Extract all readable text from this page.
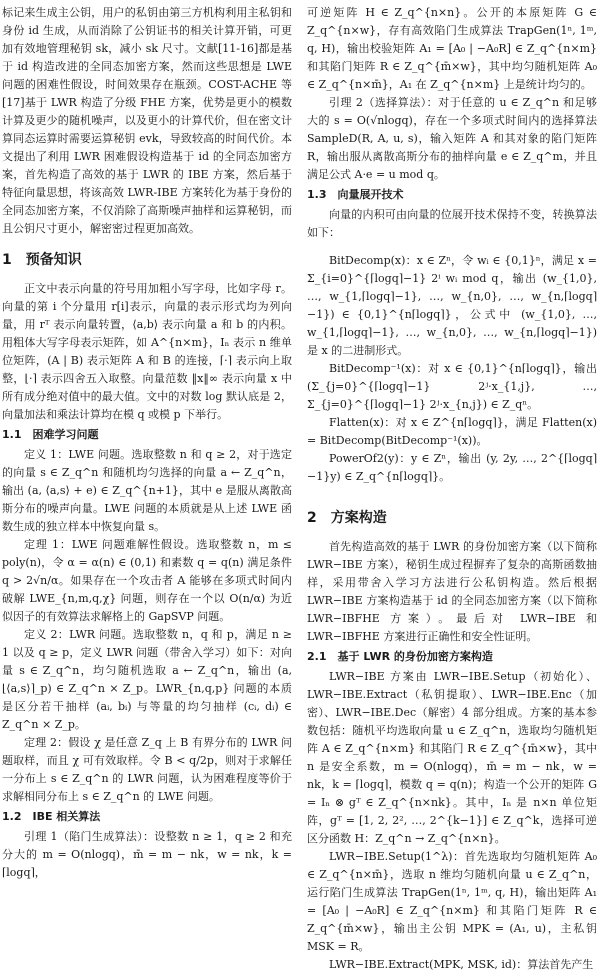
标记来生成主公钥，用户的私钥由第三方机构利用主私钥和身份 id 生成，从而消除了公钥证书的相关计算开销，可更加有效地管理秘钥 sk，减小 sk 尺寸。文献[11-16]都是基于 id 构造改进的全同态加密方案，然而这些思想是 LWE 问题的困难性假设，时间效果存在瓶颈。COST-ACHE 等[17]基于 LWR 构造了分级 FHE 方案，优势是更小的模数计算及更少的随机噪声，以及更小的计算代价，但在密文计算同态运算时需要运算秘钥 evk，导致较高的时间代价。本文提出了利用 LWR 困难假设构造基于 id 的全同态加密方案，首先构造了高效的基于 LWR 的 IBE 方案，然后基于特征向量思想，将该高效 LWR-IBE 方案转化为基于身份的全同态加密方案，不仅消除了高斯噪声抽样和运算秘钥，而且公钥尺寸更小，解密密过程更加高效。

1　预备知识

正文中表示向量的符号用加粗小写字母，比如字母 r。向量的第 i 个分量用 r[i]表示，向量的表示形式均为列向量，用 rᵀ 表示向量转置，⟨a,b⟩ 表示向量 a 和 b 的内积。用粗体大写字母表示矩阵，如 A^{n×m}，Iₙ 表示 n 维单位矩阵，(A | B) 表示矩阵 A 和 B 的连接，⌈·⌉ 表示向上取整，⌊·⌉ 表示四舍五入取整。向量范数 ‖x‖∞ 表示向量 x 中所有成分绝对值中的最大值。文中的对数 log 默认底是 2，向量加法和乘法计算均在模 q 或模 p 下举行。

1.1　困难学习问题

定义 1：LWE 问题。选取整数 n 和 q ≥ 2，对于选定的向量 s ∈ Z_q^n 和随机均匀选择的向量 a ← Z_q^n，输出 (a, ⟨a,s⟩ + e) ∈ Z_q^{n+1}，其中 e 是服从离散高斯分布的噪声向量。LWE 问题的本质就是从上述 LWE 函数生成的独立样本中恢复向量 s。

定理 1：LWE 问题难解性假设。选取整数 n，m ≤ poly(n)，令 α = α(n) ∈ (0,1) 和素数 q = q(n) 满足条件 q > 2√n/α。如果存在一个攻击者 A 能够在多项式时间内破解 LWE_{n,m,q,χ} 问题，则存在一个以 O(n/α) 为近似因子的有效算法求解格上的 GapSVP 问题。

定义 2：LWR 问题。选取整数 n，q 和 p，满足 n ≥ 1 以及 q ≥ p，定义 LWR 问题（带舍入学习）如下：对向量 s ∈ Z_q^n，均匀随机选取 a ← Z_q^n，输出 (a, ⌊⟨a,s⟩⌉_p) ∈ Z_q^n × Z_p。LWR_{n,q,p} 问题的本质是区分若干抽样 (aᵢ, bᵢ) 与等量的均匀抽样 (cᵢ, dᵢ) ∈ Z_q^n × Z_p。

定理 2：假设 χ 是任意 Z_q 上 B 有界分布的 LWR 问题取样，而且 χ 可有效取样。令 B < q/2p，则对于求解任一分布上 s ∈ Z_q^n 的 LWR 问题，认为困难程度等价于求解相同分布上 s ∈ Z_q^n 的 LWE 问题。

1.2　IBE 相关算法

引理 1（陷门生成算法）：设整数 n ≥ 1，q ≥ 2 和充分大的 m = O(nlogq)，m̄ = m − nk，w = nk，k = ⌈logq⌉，

可逆矩阵 H ∈ Z_q^{n×n}。公开的本原矩阵 G ∈ Z_q^{n×w}，存有高效陷门生成算法 TrapGen(1ⁿ, 1ᵐ, q, H)，输出校验矩阵 A₁ = [A₀ | −A₀R] ∈ Z_q^{n×m} 和其陷门矩阵 R ∈ Z_q^{m̄×w}，其中均匀随机矩阵 A₀ ∈ Z_q^{n×m̄}，A₁ 在 Z_q^{n×m} 上是统计均匀的。

引理 2（选择算法）：对于任意的 u ∈ Z_q^n 和足够大的 s = O(√nlogq)，存在一个多项式时间内的选择算法 SampleD(R, A, u, s)，输入矩阵 A 和其对象的陷门矩阵 R，输出服从离散高斯分布的抽样向量 e ∈ Z_q^m，并且满足公式 A·e = u mod q。

1.3　向量展开技术

向量的内积可由向量的位展开技术保持不变，转换算法如下：

BitDecomp(x)：x ∈ Zⁿ，令 wᵢ ∈ {0,1}ⁿ，满足 x = Σ_{i=0}^{⌈logq⌉−1} 2ⁱ wᵢ mod q，输出 (w_{1,0}, …, w_{1,⌈logq⌉−1}, …, w_{n,0}, …, w_{n,⌈logq⌉−1}) ∈ {0,1}^{n⌈logq⌉}，公式中 (w_{1,0}, …, w_{1,⌈logq⌉−1}, …, w_{n,0}, …, w_{n,⌈logq⌉−1}) 是 x 的二进制形式。

BitDecomp⁻¹(x)：对 x ∈ {0,1}^{n⌈logq⌉}，输出 (Σ_{j=0}^{⌈logq⌉−1} 2ʲ·x_{1,j}, …, Σ_{j=0}^{⌈logq⌉−1} 2ʲ·x_{n,j}) ∈ Z_qⁿ。

Flatten(x)：对 x ∈ Z^{n⌈logq⌉}，满足 Flatten(x) = BitDecomp(BitDecomp⁻¹(x))。

PowerOf2(y)：y ∈ Zⁿ，输出 (y, 2y, …, 2^{⌈logq⌉−1}y) ∈ Z_q^{n⌈logq⌉}。

2　方案构造

首先构造高效的基于 LWR 的身份加密方案（以下简称 LWR−IBE 方案），秘钥生成过程摒弃了复杂的高斯函数抽样，采用带舍入学习方法进行公私钥构造。然后根据 LWR−IBE 方案构造基于 id 的全同态加密方案（以下简称 LWR−IBFHE 方案）。最后对 LWR−IBE 和 LWR−IBFHE 方案进行正确性和安全性证明。

2.1　基于 LWR 的身份加密方案构造

LWR−IBE 方案由 LWR−IBE.Setup（初始化）、LWR−IBE.Extract（私钥提取）、LWR−IBE.Enc（加密）、LWR−IBE.Dec（解密）4 部分组成。方案的基本参数包括：随机平均选取向量 u ∈ Z_q^n，选取均匀随机矩阵 A ∈ Z_q^{n×m} 和其陷门 R ∈ Z_q^{m̄×w}，其中 n 是安全系数，m = O(nlogq)，m̄ = m − nk，w = nk，k = ⌈logq⌉，模数 q = q(n)；构造一个公开的矩阵 G = Iₙ ⊗ gᵀ ∈ Z_q^{n×nk}。其中，Iₙ 是 n×n 单位矩阵，gᵀ = [1, 2, 2², …, 2^{k−1}] ∈ Z_q^k，选择可逆区分函数 H：Z_q^n → Z_q^{n×n}。

LWR−IBE.Setup(1^λ)：首先选取均匀随机矩阵 A₀ ∈ Z_q^{n×m̄}，选取 n 维均匀随机向量 u ∈ Z_q^n，运行陷门生成算法 TrapGen(1ⁿ, 1ᵐ, q, H)，输出矩阵 A₁ = [A₀ | −A₀R] ∈ Z_q^{n×m} 和其陷门矩阵 R ∈ Z_q^{m̄×w}，输出主公钥 MPK = (A₁, u)，主私钥 MSK = R。

LWR−IBE.Extract(MPK, MSK, id)：算法首先产生
